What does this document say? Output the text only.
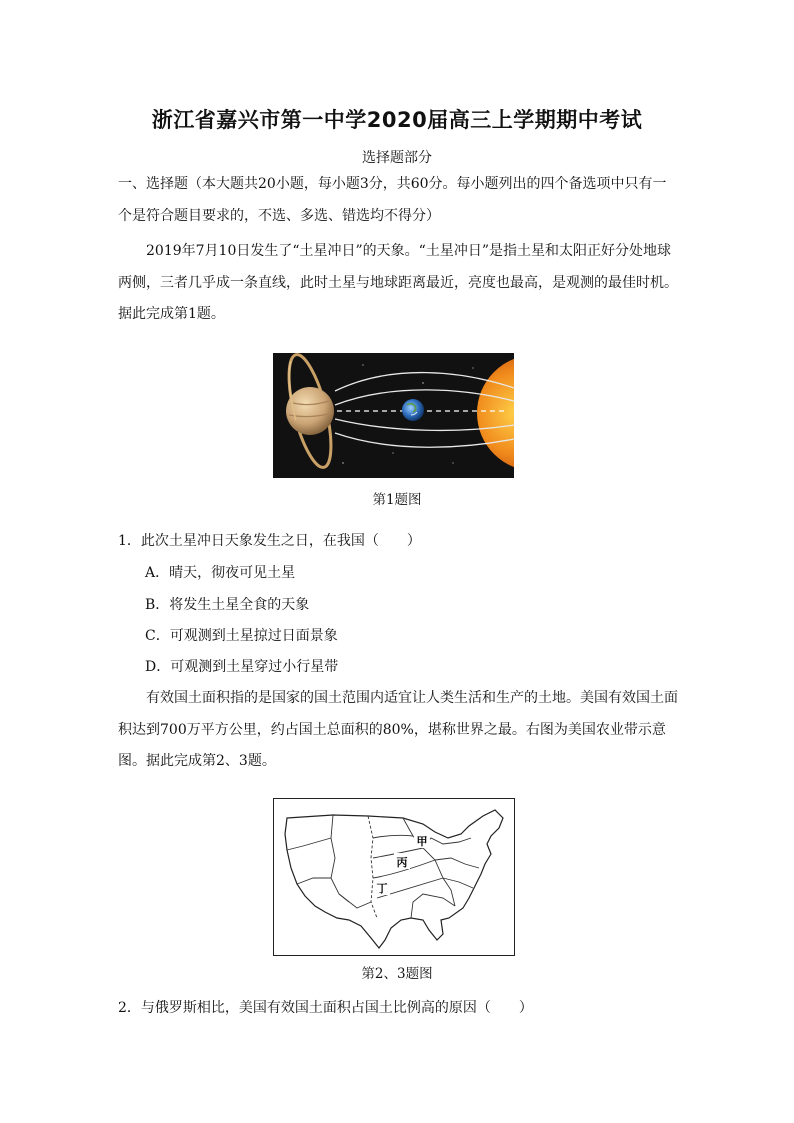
浙江省嘉兴市第一中学2020届高三上学期期中考试
选择题部分
一、选择题（本大题共20小题，每小题3分，共60分。每小题列出的四个备选项中只有一个是符合题目要求的，不选、多选、错选均不得分）
2019年7月10日发生了“土星冲日”的天象。“土星冲日”是指土星和太阳正好分处地球两侧，三者几乎成一条直线，此时土星与地球距离最近，亮度也最高，是观测的最佳时机。据此完成第1题。
第1题图
1．此次土星冲日天象发生之日，在我国（　　）
A．晴天，彻夜可见土星
B．将发生土星全食的天象
C．可观测到土星掠过日面景象
D．可观测到土星穿过小行星带
有效国土面积指的是国家的国土范围内适宜让人类生活和生产的土地。美国有效国土面积达到700万平方公里，约占国土总面积的80%，堪称世界之最。右图为美国农业带示意图。据此完成第2、3题。
甲
丙
丁
第2、3题图
2．与俄罗斯相比，美国有效国土面积占国土比例高的原因（　　）
